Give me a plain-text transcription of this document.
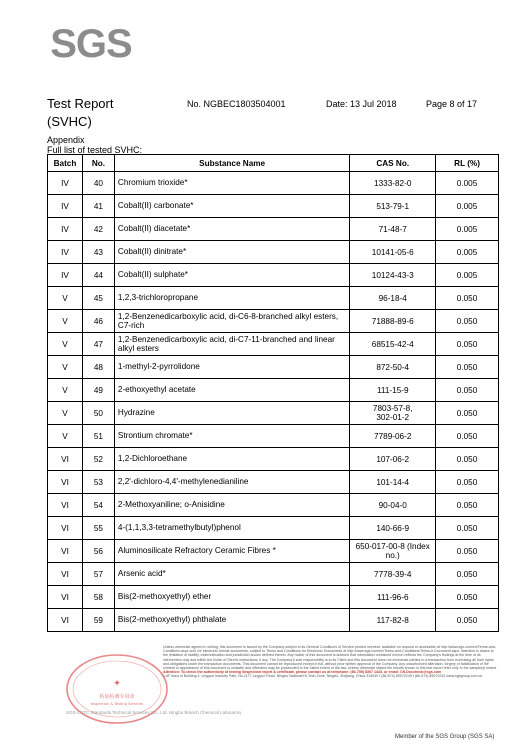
SGS
Test Report
(SVHC)
No. NGBEC1803504001	Date: 13 Jul 2018	Page 8 of 17
Appendix
Full list of tested SVHC:
Batch	No.	Substance Name	CAS No.	RL (%)
IV	40	Chromium trioxide*	1333-82-0	0.005
IV	41	Cobalt(II) carbonate*	513-79-1	0.005
IV	42	Cobalt(II) diacetate*	71-48-7	0.005
IV	43	Cobalt(II) dinitrate*	10141-05-6	0.005
IV	44	Cobalt(II) sulphate*	10124-43-3	0.005
V	45	1,2,3-trichloropropane	96-18-4	0.050
V	46	1,2-Benzenedicarboxylic acid, di-C6-8-branched alkyl esters, C7-rich	71888-89-6	0.050
V	47	1,2-Benzenedicarboxylic acid, di-C7-11-branched and linear alkyl esters	68515-42-4	0.050
V	48	1-methyl-2-pyrrolidone	872-50-4	0.050
V	49	2-ethoxyethyl acetate	111-15-9	0.050
V	50	Hydrazine	7803-57-8,
302-01-2	0.050
V	51	Strontium chromate*	7789-06-2	0.050
VI	52	1,2-Dichloroethane	107-06-2	0.050
VI	53	2,2'-dichloro-4,4'-methylenedianiline	101-14-4	0.050
VI	54	2-Methoxyaniline; o-Anisidine	90-04-0	0.050
VI	55	4-(1,1,3,3-tetramethylbutyl)phenol	140-66-9	0.050
VI	56	Aluminosilicate Refractory Ceramic Fibres *	650-017-00-8 (Index no.)	0.050
VI	57	Arsenic acid*	7778-39-4	0.050
VI	58	Bis(2-methoxyethyl) ether	111-96-6	0.050
VI	59	Bis(2-methoxyethyl) phthalate	117-82-8	0.050
✦
检验检测专用章
Inspection & Testing Services
SGS-CSTC Standards Technical Services Co., Ltd. Ningbo Branch Chemical Laboratory
Unless otherwise agreed in writing, this document is issued by the Company subject to its General Conditions of Service printed overleaf, available on request or accessible at http://www.sgs.com/en/Terms-and-Conditions.aspx and, for electronic format documents, subject to Terms and Conditions for Electronic Documents at http://www.sgs.com/en/Terms-and-Conditions/Terms-e-Document.aspx. Attention is drawn to the limitation of liability, indemnification and jurisdiction issues defined therein. Any holder of this document is advised that information contained hereon reflects the Company's findings at the time of its intervention only and within the limits of Client's instructions, if any. The Company's sole responsibility is to its Client and this document does not exonerate parties to a transaction from exercising all their rights and obligations under the transaction documents. This document cannot be reproduced except in full, without prior written approval of the Company. Any unauthorized alteration, forgery or falsification of the content or appearance of this document is unlawful and offenders may be prosecuted to the fullest extent of the law. Unless otherwise stated the results shown in this test report refer only to the sample(s) tested.
Attention: To check the authenticity of testing /inspection report & certificate, please contact us at telephone: (86-755) 8307 1443, or email: CN.Doccheck@sgs.com
1-6F Area of Building 4, Lingyun Industry Park, No.1177 Lingyun Road, Ningbo National Hi-Tech Zone, Ningbo, Zhejiang, China 315040 t (86-574) 89070249 f (86-574) 89070242 www.sgsgroup.com.cn
Member of the SGS Group (SGS SA)
